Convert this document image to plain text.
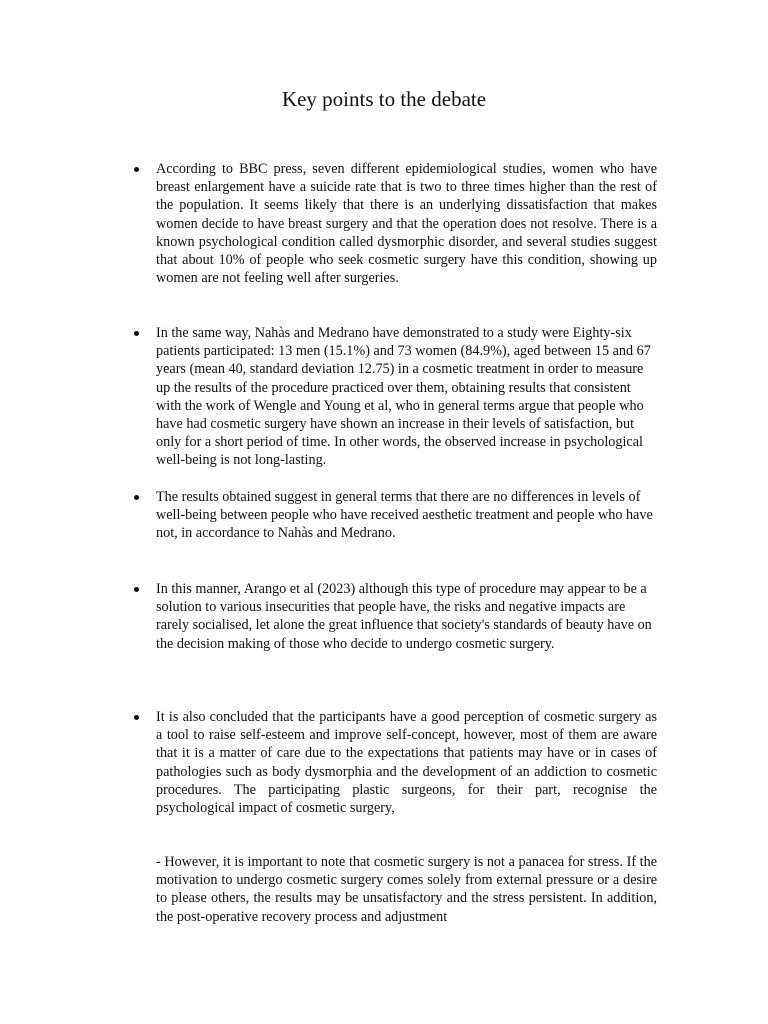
Key points to the debate
According to BBC press, seven different epidemiological studies, women who have breast enlargement have a suicide rate that is two to three times higher than the rest of the population. It seems likely that there is an underlying dissatisfaction that makes women decide to have breast surgery and that the operation does not resolve. There is a known psychological condition called dysmorphic disorder, and several studies suggest that about 10% of people who seek cosmetic surgery have this condition, showing up women are not feeling well after surgeries.
In the same way, Nahàs and Medrano have demonstrated to a study were Eighty-six patients participated: 13 men (15.1%) and 73 women (84.9%), aged between 15 and 67 years (mean 40, standard deviation 12.75) in a cosmetic treatment in order to measure up the results of the procedure practiced over them, obtaining results that consistent with the work of Wengle and Young et al, who in general terms argue that people who have had cosmetic surgery have shown an increase in their levels of satisfaction, but only for a short period of time. In other words, the observed increase in psychological well-being is not long-lasting.
The results obtained suggest in general terms that there are no differences in levels of well-being between people who have received aesthetic treatment and people who have not, in accordance to Nahàs and Medrano.
In this manner, Arango et al (2023) although this type of procedure may appear to be a solution to various insecurities that people have, the risks and negative impacts are rarely socialised, let alone the great influence that society's standards of beauty have on the decision making of those who decide to undergo cosmetic surgery.
It is also concluded that the participants have a good perception of cosmetic surgery as a tool to raise self-esteem and improve self-concept, however, most of them are aware that it is a matter of care due to the expectations that patients may have or in cases of pathologies such as body dysmorphia and the development of an addiction to cosmetic procedures. The participating plastic surgeons, for their part, recognise the psychological impact of cosmetic surgery,
- However, it is important to note that cosmetic surgery is not a panacea for stress. If the motivation to undergo cosmetic surgery comes solely from external pressure or a desire to please others, the results may be unsatisfactory and the stress persistent. In addition, the post-operative recovery process and adjustment
